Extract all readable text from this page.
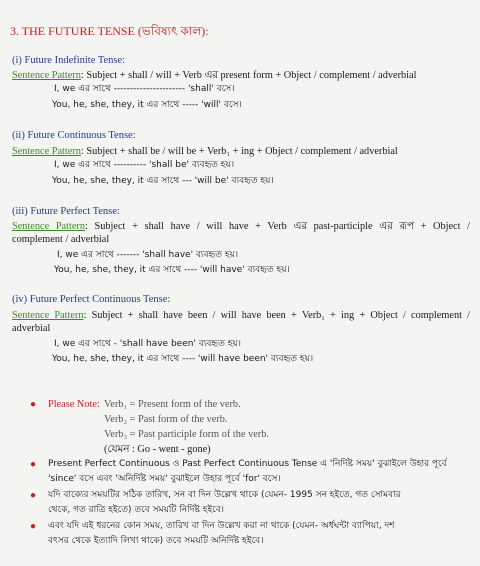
3. THE FUTURE TENSE (ভবিষ্যৎ কাল):
(i) Future Indefinite Tense:
Sentence Pattern: Subject + shall / will + Verb এর present form + Object / complement / adverbial
I, we এর সাথে ---------------------- 'shall' বসে।
You, he, she, they, it এর সাথে ----- 'will' বসে।
(ii) Future Continuous Tense:
Sentence Pattern: Subject + shall be / will be + Verb₁ + ing + Object / complement / adverbial
I, we এর সাথে ---------- 'shall be' ব্যবহৃত হয়।
You, he, she, they, it এর সাথে --- 'will be' ব্যবহৃত হয়।
(iii) Future Perfect Tense:
Sentence Pattern: Subject + shall have / will have + Verb এর past-participle এর রূপ + Object /
complement / adverbial
I, we এর সাথে ------- 'shall have' ব্যবহৃত হয়।
You, he, she, they, it এর সাথে ---- 'will have' ব্যবহৃত হয়।
(iv) Future Perfect Continuous Tense:
Sentence Pattern: Subject + shall have been / will have been + Verb₁ + ing + Object / complement /
adverbial
I, we এর সাথে - 'shall have been' ব্যবহৃত হয়।
You, he, she, they, it এর সাথে ---- 'will have been' ব্যবহৃত হয়।
● Please Note: Verb₁ = Present form of the verb.
Verb₂ = Past form of the verb.
Verb₃ = Past participle form of the verb.
(যেমন : Go - went - gone)
● Present Perfect Continuous ও Past Perfect Continuous Tense এ 'নির্দিষ্ট সময়' বুঝাইলে উহার পূর্বে
'since' বসে এবং 'অনির্দিষ্ট সময়' বুঝাইলে উহার পূর্বে 'for' বসে।
● যদি বাক্যের সময়টির সঠিক তারিখ, সন বা দিন উল্লেখ থাকে (যেমন- 1995 সন হইতে, গত সোমবার
থেকে, গত রাত্রি হইতে) তবে সময়টি নির্দিষ্ট হইবে।
● এবং যদি এই ধরনের কোন সময়, তারিখ বা দিন উল্লেখ করা না থাকে (যেমন- অর্ধঘন্টা ব্যাপিয়া, দশ
বৎসর থেকে ইত্যাদি লিখা থাকে) তবে সময়টি অনির্দিষ্ট হইবে।
